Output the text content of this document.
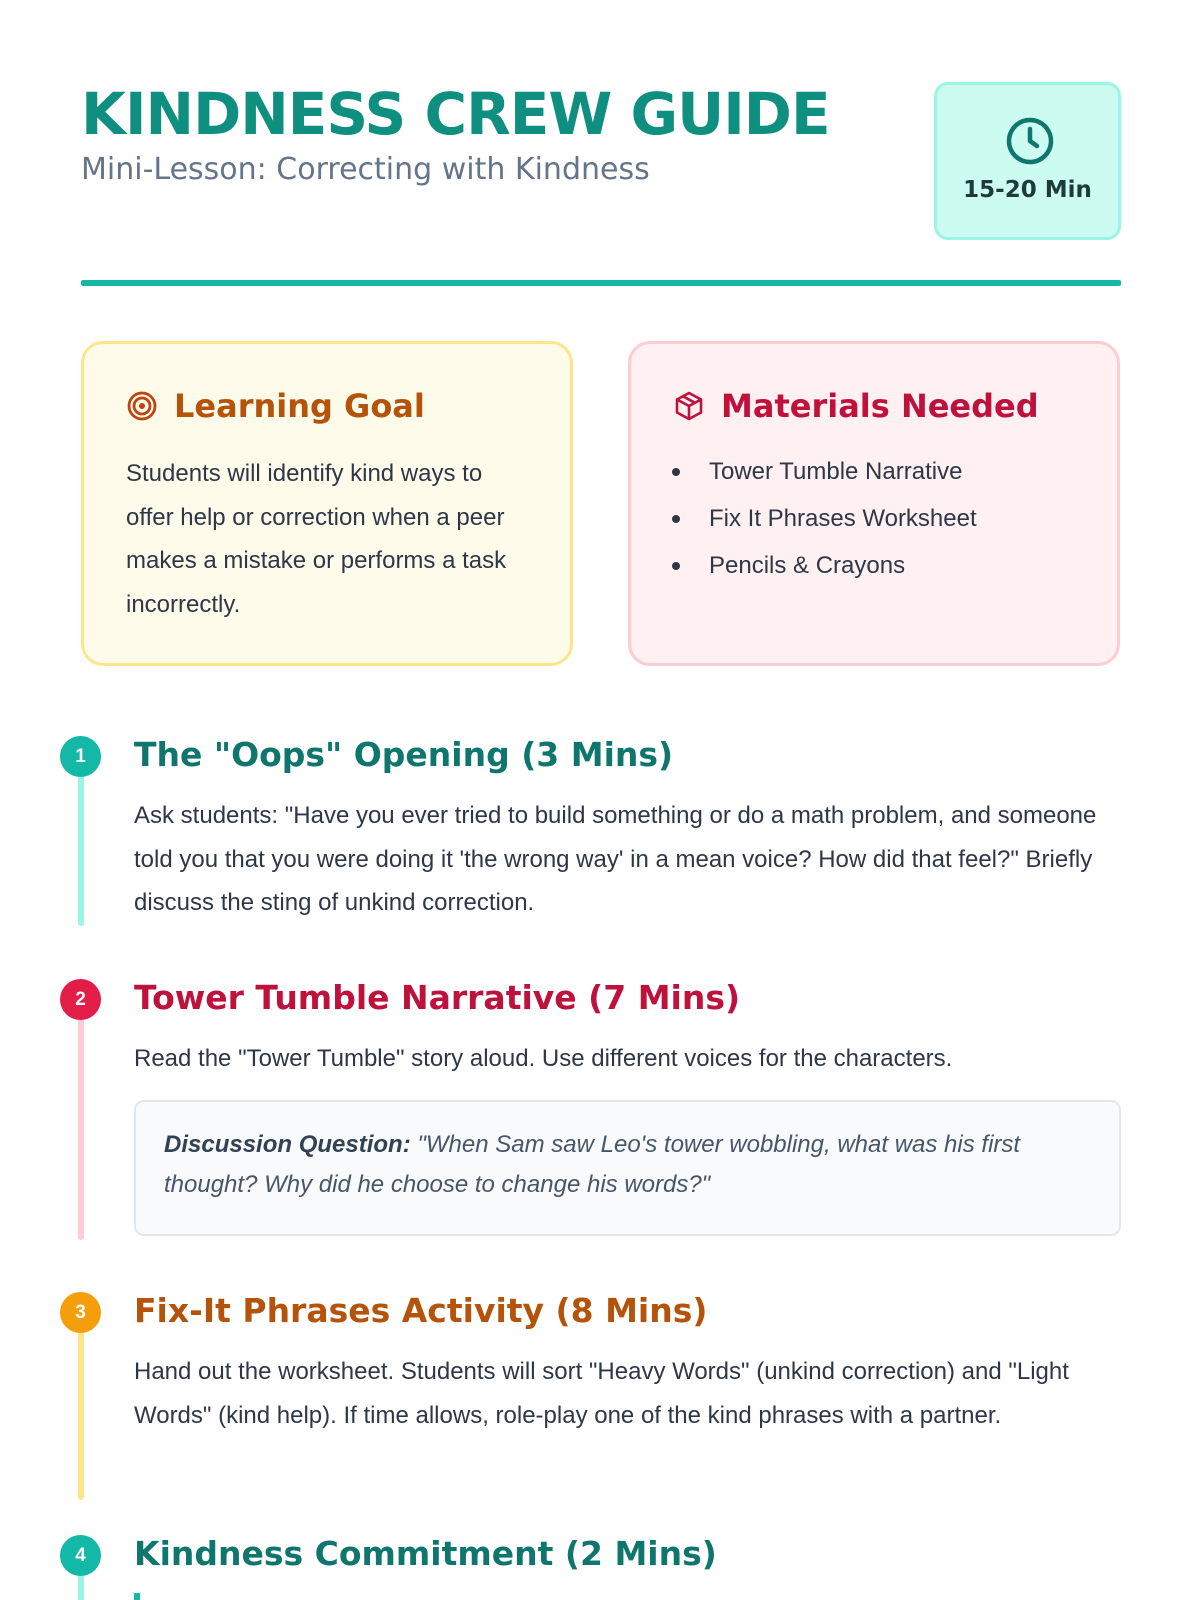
KINDNESS CREW GUIDE
Mini-Lesson: Correcting with Kindness
15-20 Min
Learning Goal

Students will identify kind ways to offer help or correction when a peer makes a mistake or performs a task incorrectly.

Materials Needed
Tower Tumble Narrative
Fix It Phrases Worksheet
Pencils & Crayons
1	The "Oops" Opening (3 Mins)

Ask students: "Have you ever tried to build something or do a math problem, and someone told you that you were doing it 'the wrong way' in a mean voice? How did that feel?" Briefly discuss the sting of unkind correction.

2	Tower Tumble Narrative (7 Mins)

Read the "Tower Tumble" story aloud. Use different voices for the characters.

Discussion Question: "When Sam saw Leo's tower wobbling, what was his first thought? Why did he choose to change his words?"
3	Fix-It Phrases Activity (8 Mins)

Hand out the worksheet. Students will sort "Heavy Words" (unkind correction) and "Light Words" (kind help). If time allows, role-play one of the kind phrases with a partner.

4	Kindness Commitment (2 Mins)
